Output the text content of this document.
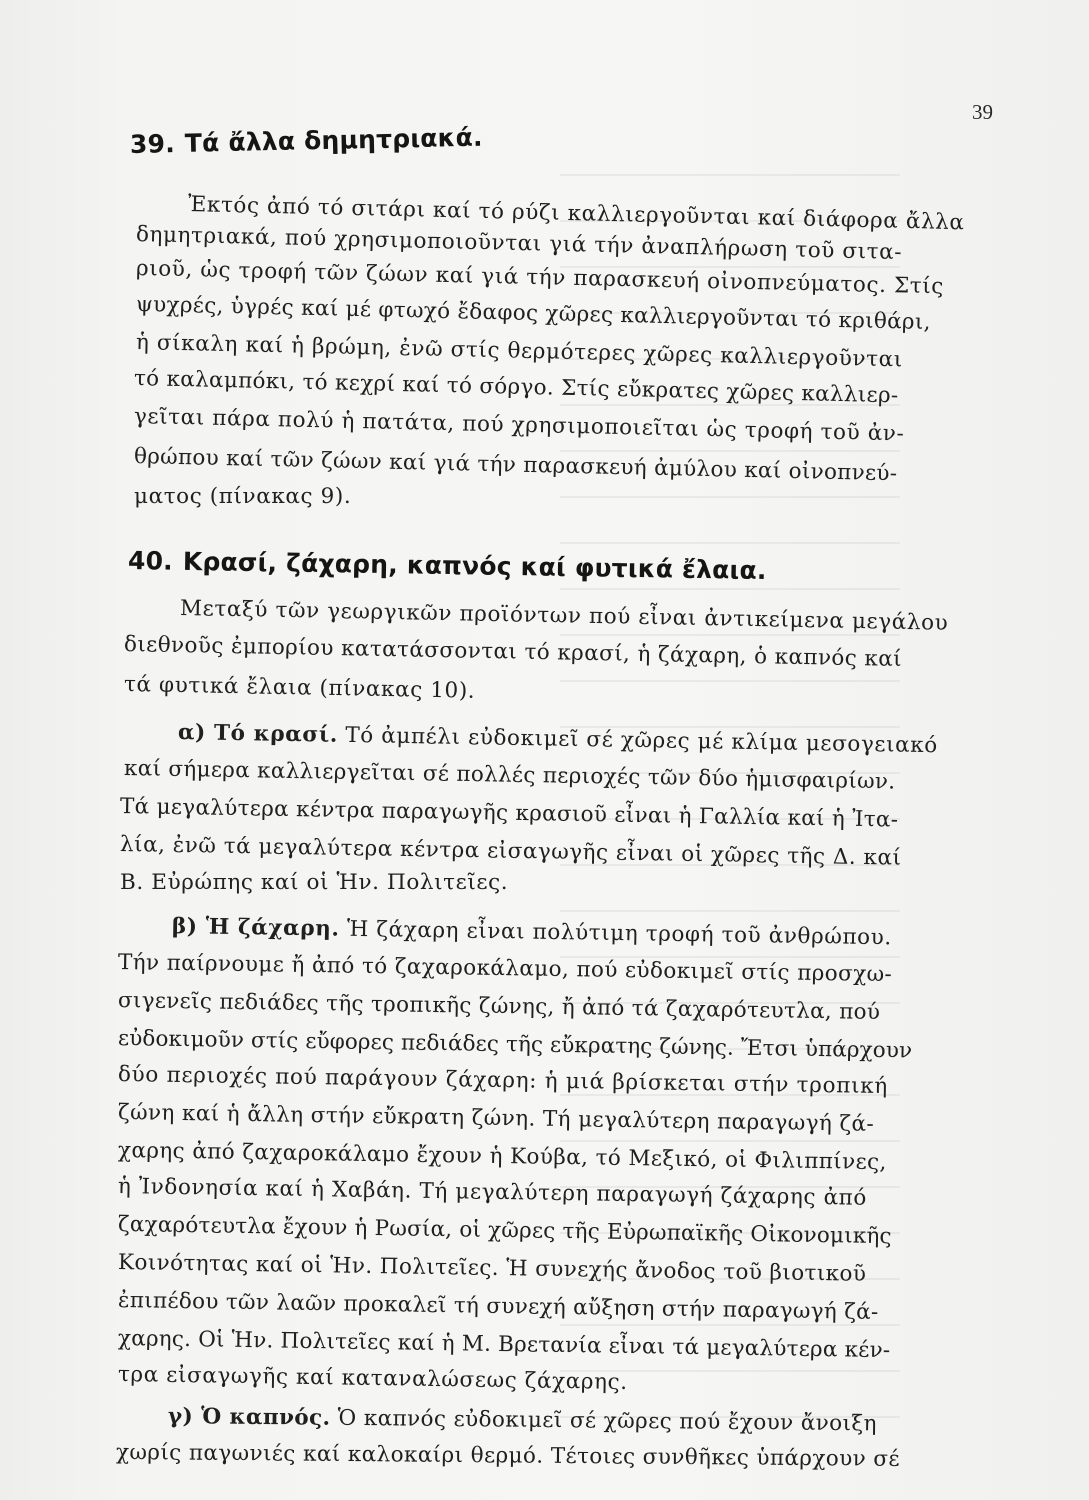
39
39. Τά ἄλλα δημητριακά.
Ἐκτός ἀπό τό σιτάρι καί τό ρύζι καλλιεργοῦνται καί διάφορα ἄλλα
δημητριακά, πού χρησιμοποιοῦνται γιά τήν ἀναπλήρωση τοῦ σιτα-
ριοῦ, ὡς τροφή τῶν ζώων καί γιά τήν παρασκευή οἰνοπνεύματος. Στίς
ψυχρές, ὑγρές καί μέ φτωχό ἔδαφος χῶρες καλλιεργοῦνται τό κριθάρι,
ἡ σίκαλη καί ἡ βρώμη, ἐνῶ στίς θερμότερες χῶρες καλλιεργοῦνται
τό καλαμπόκι, τό κεχρί καί τό σόργο. Στίς εὔκρατες χῶρες καλλιερ-
γεῖται πάρα πολύ ἡ πατάτα, πού χρησιμοποιεῖται ὡς τροφή τοῦ ἀν-
θρώπου καί τῶν ζώων καί γιά τήν παρασκευή ἀμύλου καί οἰνοπνεύ-
ματος (πίνακας 9).
40. Κρασί, ζάχαρη, καπνός καί φυτικά ἔλαια.
Μεταξύ τῶν γεωργικῶν προϊόντων πού εἶναι ἀντικείμενα μεγάλου
διεθνοῦς ἐμπορίου κατατάσσονται τό κρασί, ἡ ζάχαρη, ὁ καπνός καί
τά φυτικά ἔλαια (πίνακας 10).
α) Τό κρασί. Τό ἀμπέλι εὐδοκιμεῖ σέ χῶρες μέ κλίμα μεσογειακό
καί σήμερα καλλιεργεῖται σέ πολλές περιοχές τῶν δύο ἡμισφαιρίων.
Τά μεγαλύτερα κέντρα παραγωγῆς κρασιοῦ εἶναι ἡ Γαλλία καί ἡ Ἰτα-
λία, ἐνῶ τά μεγαλύτερα κέντρα εἰσαγωγῆς εἶναι οἱ χῶρες τῆς Δ. καί
Β. Εὐρώπης καί οἱ Ἡν. Πολιτεῖες.
β) Ἡ ζάχαρη. Ἡ ζάχαρη εἶναι πολύτιμη τροφή τοῦ ἀνθρώπου.
Τήν παίρνουμε ἤ ἀπό τό ζαχαροκάλαμο, πού εὐδοκιμεῖ στίς προσχω-
σιγενεῖς πεδιάδες τῆς τροπικῆς ζώνης, ἤ ἀπό τά ζαχαρότευτλα, πού
εὐδοκιμοῦν στίς εὔφορες πεδιάδες τῆς εὔκρατης ζώνης. Ἔτσι ὑπάρχουν
δύο περιοχές πού παράγουν ζάχαρη: ἡ μιά βρίσκεται στήν τροπική
ζώνη καί ἡ ἄλλη στήν εὔκρατη ζώνη. Τή μεγαλύτερη παραγωγή ζά-
χαρης ἀπό ζαχαροκάλαμο ἔχουν ἡ Κούβα, τό Μεξικό, οἱ Φιλιππίνες,
ἡ Ἰνδονησία καί ἡ Χαβάη. Τή μεγαλύτερη παραγωγή ζάχαρης ἀπό
ζαχαρότευτλα ἔχουν ἡ Ρωσία, οἱ χῶρες τῆς Εὐρωπαϊκῆς Οἰκονομικῆς
Κοινότητας καί οἱ Ἡν. Πολιτεῖες. Ἡ συνεχής ἄνοδος τοῦ βιοτικοῦ
ἐπιπέδου τῶν λαῶν προκαλεῖ τή συνεχή αὔξηση στήν παραγωγή ζά-
χαρης. Οἱ Ἡν. Πολιτεῖες καί ἡ Μ. Βρετανία εἶναι τά μεγαλύτερα κέν-
τρα εἰσαγωγῆς καί καταναλώσεως ζάχαρης.
γ) Ὁ καπνός. Ὁ καπνός εὐδοκιμεῖ σέ χῶρες πού ἔχουν ἄνοιξη
χωρίς παγωνιές καί καλοκαίρι θερμό. Τέτοιες συνθῆκες ὑπάρχουν σέ
